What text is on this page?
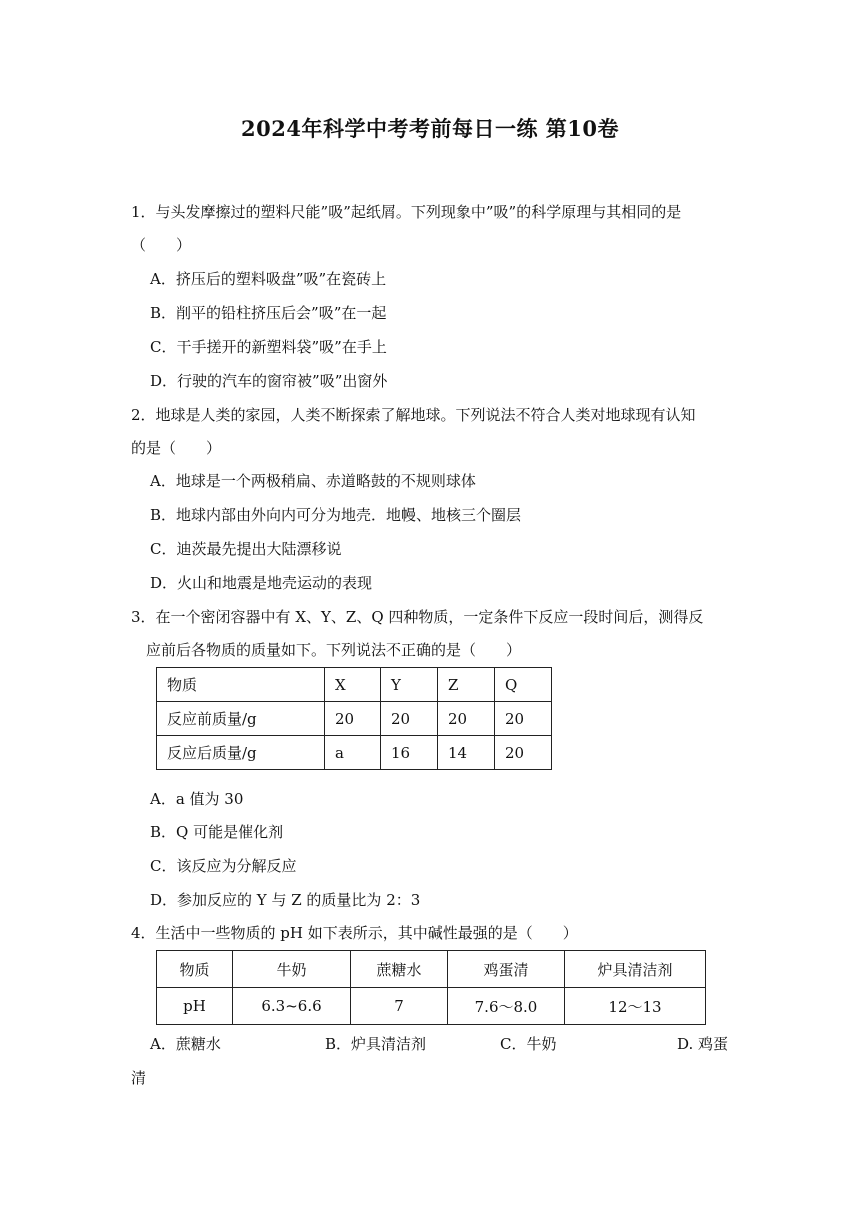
2024年科学中考考前每日一练 第10卷
1．与头发摩擦过的塑料尺能”吸”起纸屑。下列现象中”吸”的科学原理与其相同的是
（　　）
A．挤压后的塑料吸盘”吸”在瓷砖上
B．削平的铅柱挤压后会”吸”在一起
C．干手搓开的新塑料袋”吸”在手上
D．行驶的汽车的窗帘被”吸”出窗外
2．地球是人类的家园，人类不断探索了解地球。下列说法不符合人类对地球现有认知
的是（　　）
A．地球是一个两极稍扁、赤道略鼓的不规则球体
B．地球内部由外向内可分为地壳．地幔、地核三个圈层
C．迪茨最先提出大陆漂移说
D．火山和地震是地壳运动的表现
3．在一个密闭容器中有 X、Y、Z、Q 四种物质，一定条件下反应一段时间后，测得反
应前后各物质的质量如下。下列说法不正确的是（　　）
物质	X	Y	Z	Q
反应前质量/g	20	20	20	20
反应后质量/g	a	16	14	20
A．a 值为 30
B．Q 可能是催化剂
C．该反应为分解反应
D．参加反应的 Y 与 Z 的质量比为 2：3
4．生活中一些物质的 pH 如下表所示，其中碱性最强的是（　　）
物质	牛奶	蔗糖水	鸡蛋清	炉具清洁剂
pH	6.3~6.6	7	7.6～8.0	12～13
A．蔗糖水	B．炉具清洁剂	C．牛奶	D. 鸡蛋
清
